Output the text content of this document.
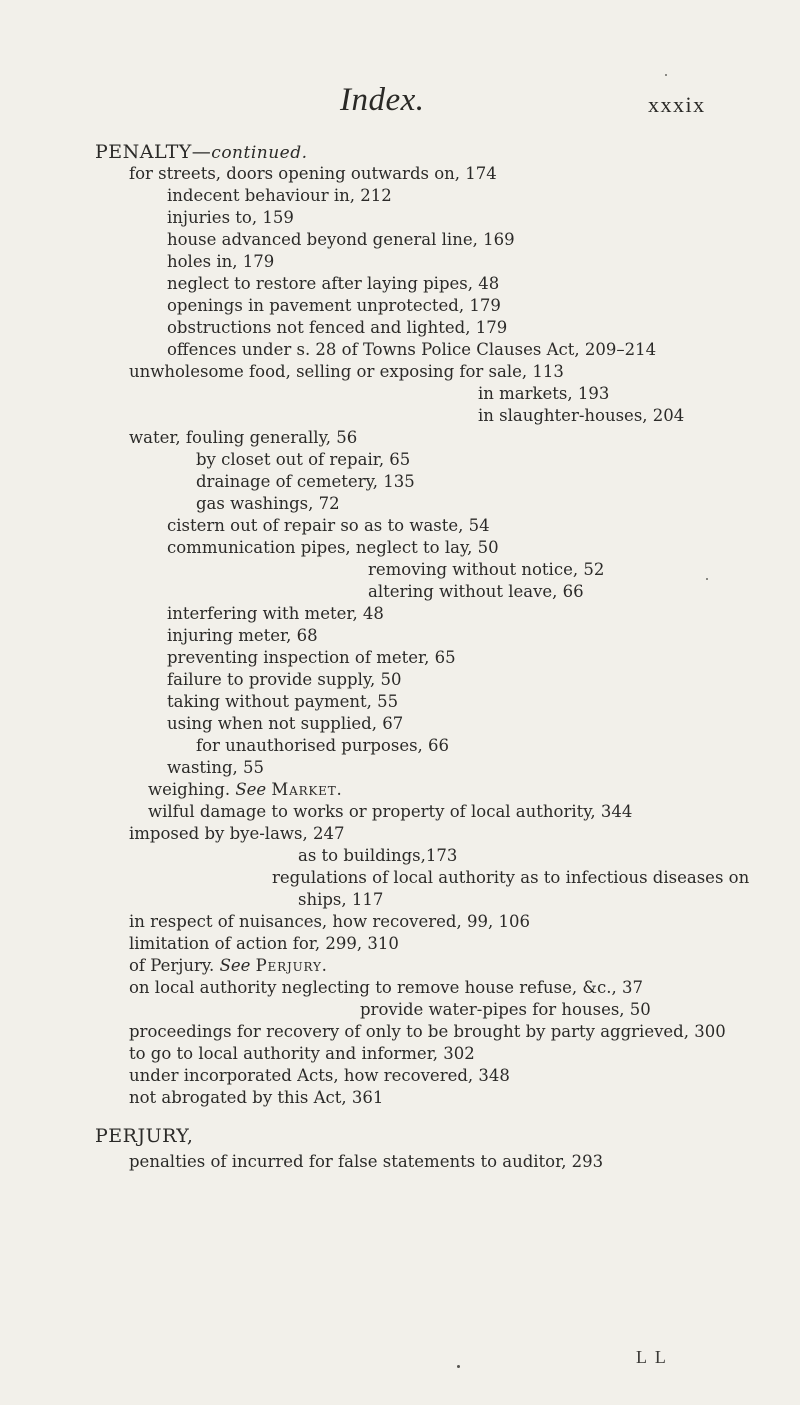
Index.	xxxix
PENALTY—continued.
for streets, doors opening outwards on, 174
indecent behaviour in, 212
injuries to, 159
house advanced beyond general line, 169
holes in, 179
neglect to restore after laying pipes, 48
openings in pavement unprotected, 179
obstructions not fenced and lighted, 179
offences under s. 28 of Towns Police Clauses Act, 209–214
unwholesome food, selling or exposing for sale, 113
in markets, 193
in slaughter-houses, 204
water, fouling generally, 56
by closet out of repair, 65
drainage of cemetery, 135
gas washings, 72
cistern out of repair so as to waste, 54
communication pipes, neglect to lay, 50
removing without notice, 52
altering without leave, 66
interfering with meter, 48
injuring meter, 68
preventing inspection of meter, 65
failure to provide supply, 50
taking without payment, 55
using when not supplied, 67
for unauthorised purposes, 66
wasting, 55
weighing. See Market.
wilful damage to works or property of local authority, 344
imposed by bye-laws, 247
as to buildings,173
regulations of local authority as to infectious diseases on
ships, 117
in respect of nuisances, how recovered, 99, 106
limitation of action for, 299, 310
of Perjury. See Perjury.
on local authority neglecting to remove house refuse, &c., 37
provide water-pipes for houses, 50
proceedings for recovery of only to be brought by party aggrieved, 300
to go to local authority and informer, 302
under incorporated Acts, how recovered, 348
not abrogated by this Act, 361
PERJURY,
penalties of incurred for false statements to auditor, 293
L L
